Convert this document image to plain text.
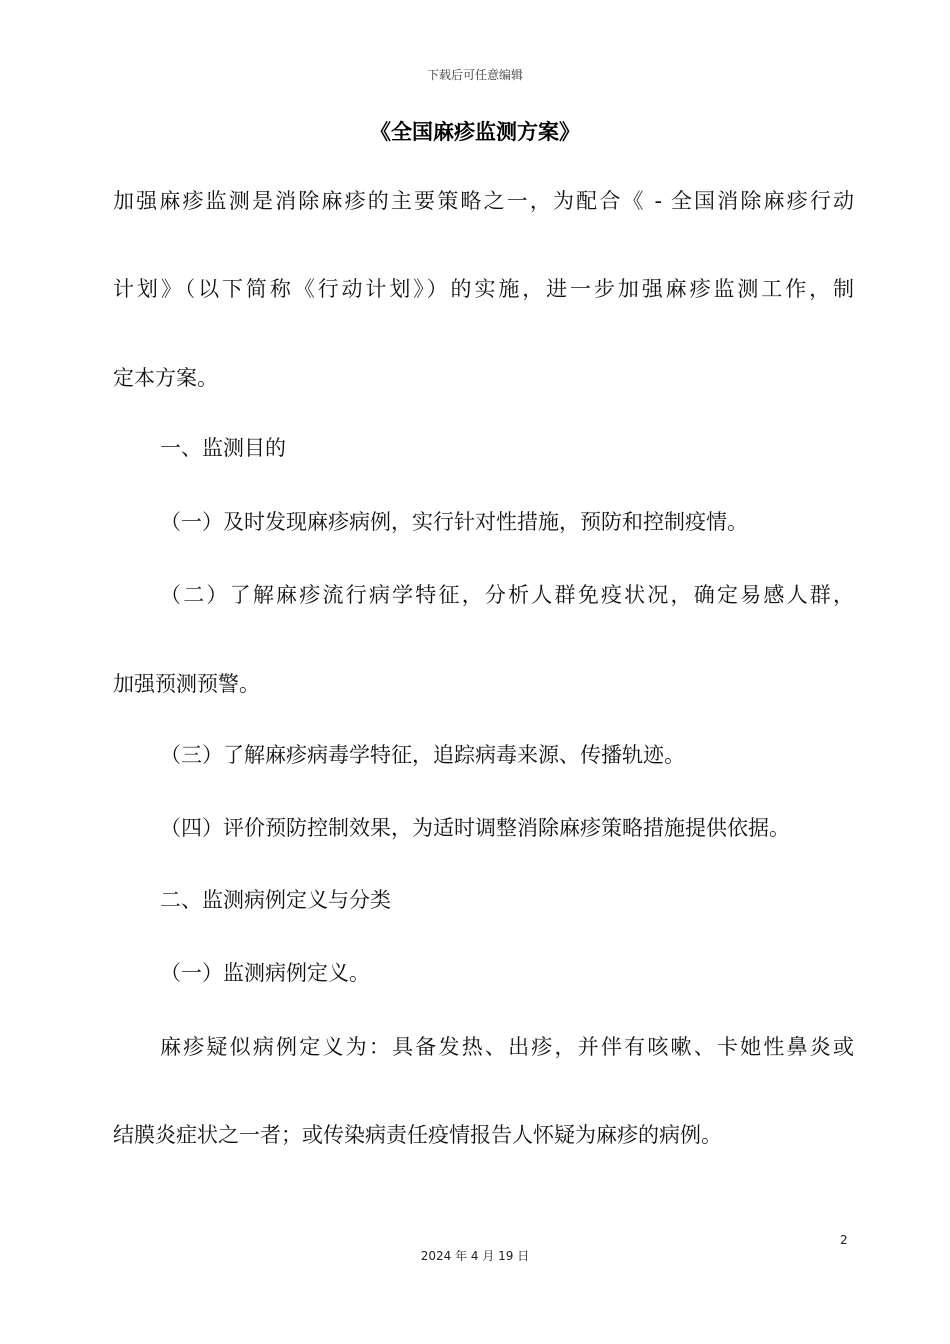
下载后可任意编辑
《全国麻疹监测方案》
加强麻疹监测是消除麻疹的主要策略之一，为配合《 - 全国消除麻疹行动
计划》（以下简称《行动计划》）的实施，进一步加强麻疹监测工作，制
定本方案。
一、监测目的
（一）及时发现麻疹病例，实行针对性措施，预防和控制疫情。
（二）了解麻疹流行病学特征，分析人群免疫状况，确定易感人群，
加强预测预警。
（三）了解麻疹病毒学特征，追踪病毒来源、传播轨迹。
（四）评价预防控制效果，为适时调整消除麻疹策略措施提供依据。
二、监测病例定义与分类
（一）监测病例定义。
麻疹疑似病例定义为：具备发热、出疹，并伴有咳嗽、卡她性鼻炎或
结膜炎症状之一者；或传染病责任疫情报告人怀疑为麻疹的病例。
2
2024 年 4 月 19 日
